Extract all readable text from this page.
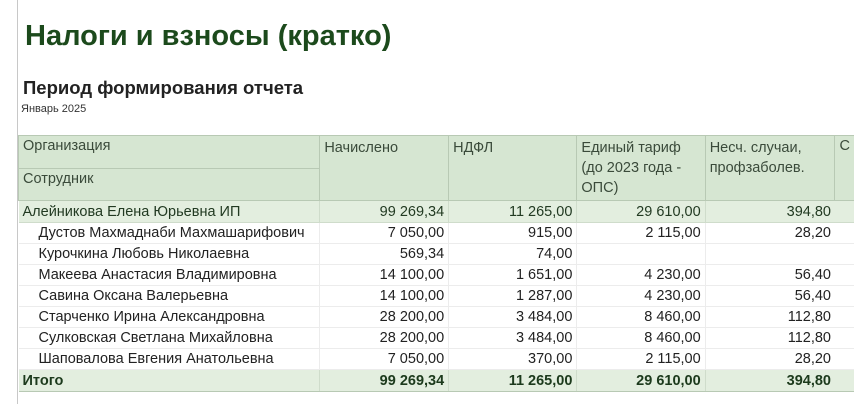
Налоги и взносы (кратко)
Период формирования отчета
Январь 2025
Организация	Начислено	НДФЛ	Единый тариф (до 2023 года - ОПС)	Несч. случаи, профзаболев.	С
Сотрудник					
Алейникова Елена Юрьевна ИП	99 269,34	11 265,00	29 610,00	394,80	
Дустов Махмаднаби Махмашарифович	7 050,00	915,00	2 115,00	28,20	
Курочкина Любовь Николаевна	569,34	74,00			
Макеева Анастасия Владимировна	14 100,00	1 651,00	4 230,00	56,40	
Савина Оксана Валерьевна	14 100,00	1 287,00	4 230,00	56,40	
Старченко Ирина Александровна	28 200,00	3 484,00	8 460,00	112,80	
Сулковская Светлана Михайловна	28 200,00	3 484,00	8 460,00	112,80	
Шаповалова Евгения Анатольевна	7 050,00	370,00	2 115,00	28,20	
Итого	99 269,34	11 265,00	29 610,00	394,80	
